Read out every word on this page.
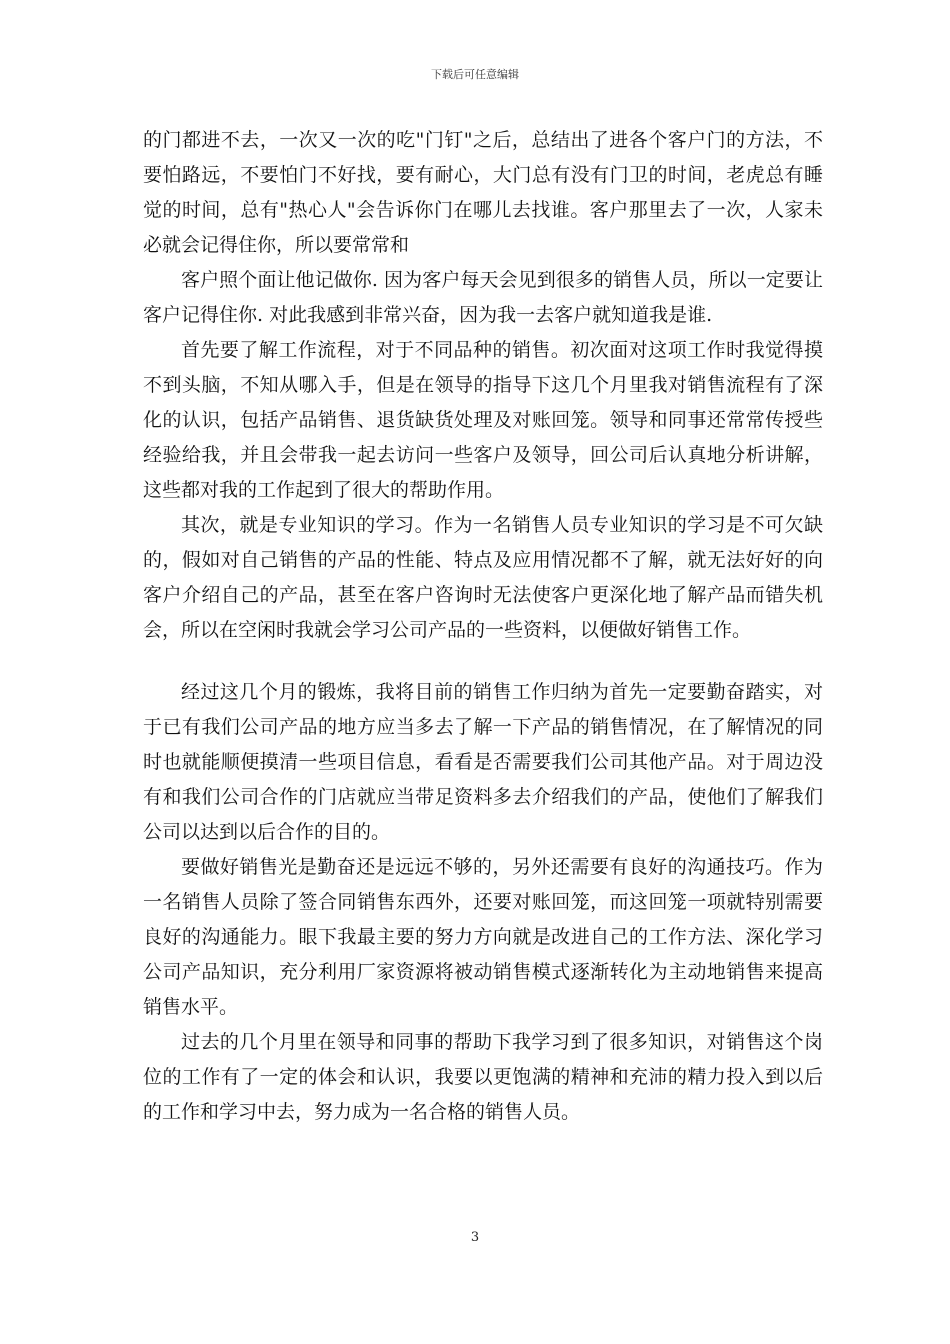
下载后可任意编辑

的门都进不去，一次又一次的吃"门钉"之后，总结出了进各个客户门的方法，不要怕路远，不要怕门不好找，要有耐心，大门总有没有门卫的时间，老虎总有睡觉的时间，总有"热心人"会告诉你门在哪儿去找谁。客户那里去了一次，人家未必就会记得住你，所以要常常和

客户照个面让他记做你. 因为客户每天会见到很多的销售人员，所以一定要让客户记得住你. 对此我感到非常兴奋，因为我一去客户就知道我是谁.

首先要了解工作流程，对于不同品种的销售。初次面对这项工作时我觉得摸不到头脑，不知从哪入手，但是在领导的指导下这几个月里我对销售流程有了深化的认识，包括产品销售、退货缺货处理及对账回笼。领导和同事还常常传授些经验给我，并且会带我一起去访问一些客户及领导，回公司后认真地分析讲解，这些都对我的工作起到了很大的帮助作用。

其次，就是专业知识的学习。作为一名销售人员专业知识的学习是不可欠缺的，假如对自己销售的产品的性能、特点及应用情况都不了解，就无法好好的向客户介绍自己的产品，甚至在客户咨询时无法使客户更深化地了解产品而错失机会，所以在空闲时我就会学习公司产品的一些资料，以便做好销售工作。

经过这几个月的锻炼，我将目前的销售工作归纳为首先一定要勤奋踏实，对于已有我们公司产品的地方应当多去了解一下产品的销售情况，在了解情况的同时也就能顺便摸清一些项目信息，看看是否需要我们公司其他产品。对于周边没有和我们公司合作的门店就应当带足资料多去介绍我们的产品，使他们了解我们公司以达到以后合作的目的。

要做好销售光是勤奋还是远远不够的，另外还需要有良好的沟通技巧。作为一名销售人员除了签合同销售东西外，还要对账回笼，而这回笼一项就特别需要良好的沟通能力。眼下我最主要的努力方向就是改进自己的工作方法、深化学习公司产品知识，充分利用厂家资源将被动销售模式逐渐转化为主动地销售来提高销售水平。

过去的几个月里在领导和同事的帮助下我学习到了很多知识，对销售这个岗位的工作有了一定的体会和认识，我要以更饱满的精神和充沛的精力投入到以后的工作和学习中去，努力成为一名合格的销售人员。

3
